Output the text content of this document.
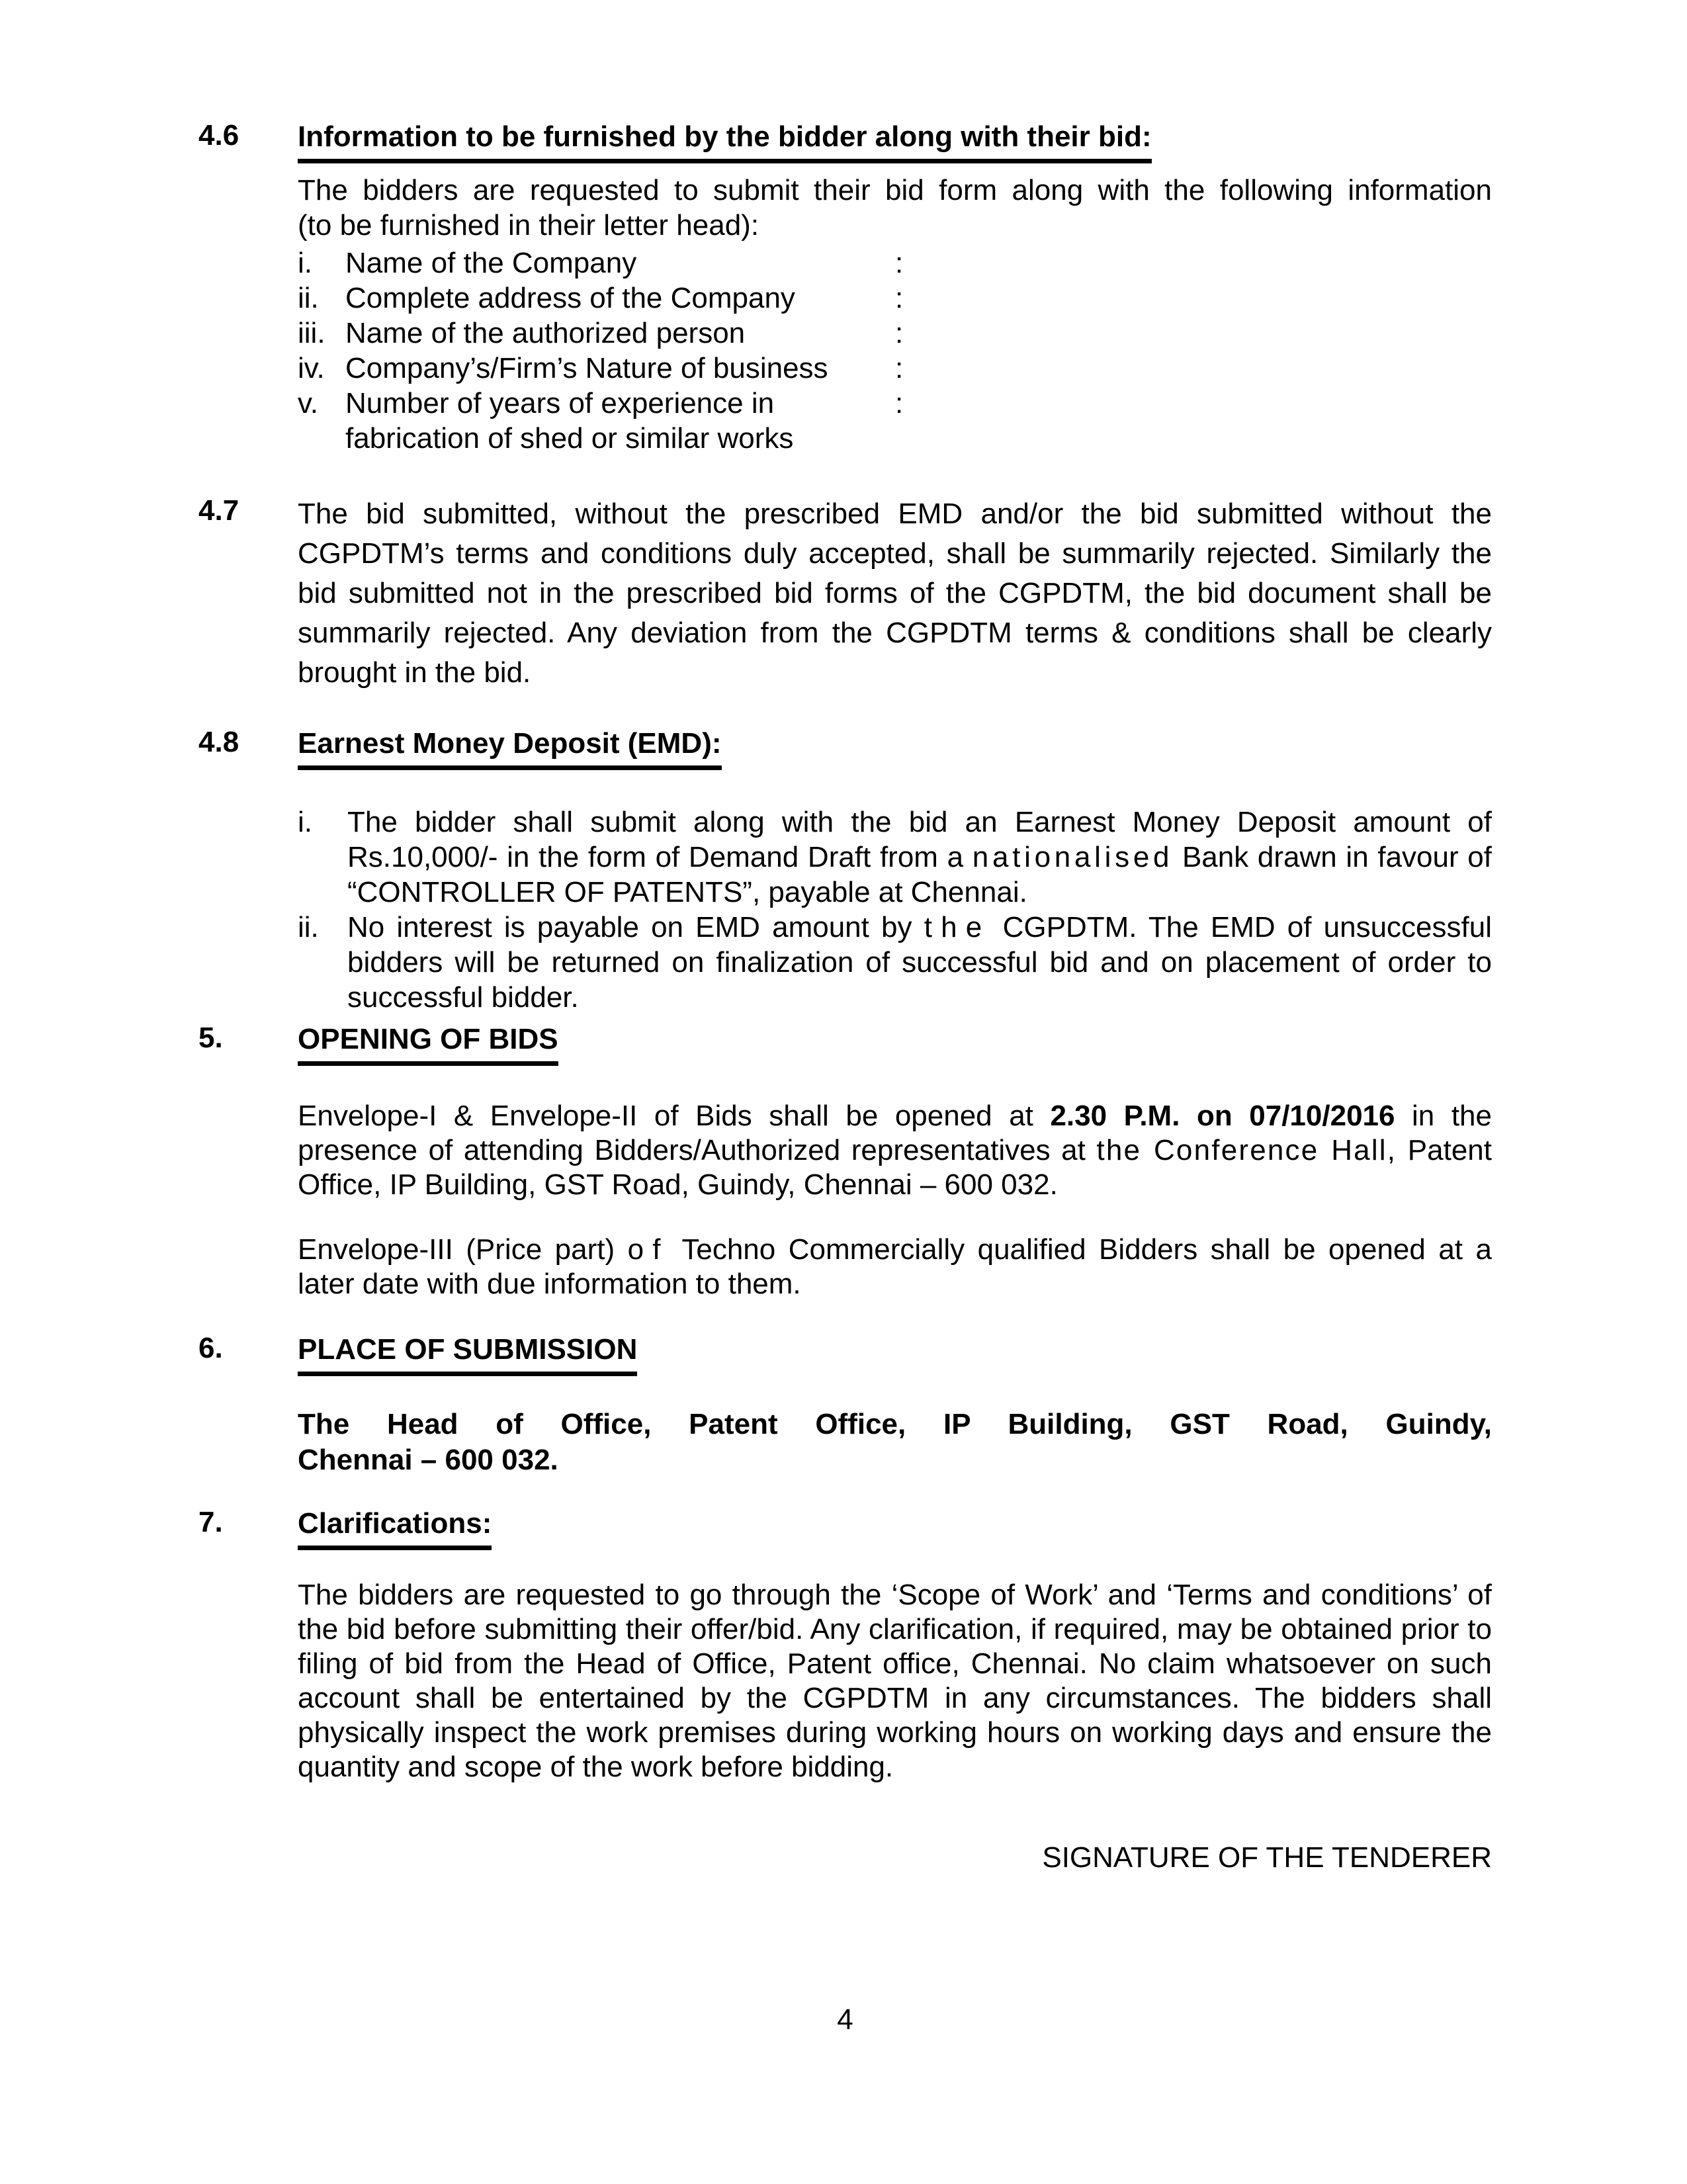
4.6	Information to be furnished by the bidder along with their bid:
The bidders are requested to submit their bid form along with the following information
(to be furnished in their letter head):
i.	Name of the Company	:
ii. Complete address of the Company	:
iii. Name of the authorized person	:
iv. Company’s/Firm’s Nature of business	:
v. Number of years of experience in	:
fabrication of shed or similar works
4.7	The bid submitted, without the prescribed EMD and/or the bid submitted without the CGPDTM’s terms and conditions duly accepted, shall be summarily rejected. Similarly the bid submitted not in the prescribed bid forms of the CGPDTM, the bid document shall be summarily rejected. Any deviation from the CGPDTM terms & conditions shall be clearly brought in the bid.

4.8	Earnest Money Deposit (EMD):
i.	The bidder shall submit along with the bid an Earnest Money Deposit amount of Rs.10,000/- in the form of Demand Draft from a nationalised Bank drawn in favour of “CONTROLLER OF PATENTS”, payable at Chennai.
ii. No interest is payable on EMD amount by the CGPDTM. The EMD of unsuccessful bidders will be returned on finalization of successful bid and on placement of order to successful bidder.
5.	OPENING OF BIDS

Envelope-I & Envelope-II of Bids shall be opened at 2.30 P.M. on 07/10/2016 in the presence of attending Bidders/Authorized representatives at the Conference Hall, Patent Office, IP Building, GST Road, Guindy, Chennai – 600 032.

Envelope-III (Price part) of Techno Commercially qualified Bidders shall be opened at a later date with due information to them.

6.	PLACE OF SUBMISSION
The Head of Office, Patent Office, IP Building, GST Road, Guindy,
Chennai – 600 032.
7.	Clarifications:

The bidders are requested to go through the ‘Scope of Work’ and ‘Terms and conditions’ of the bid before submitting their offer/bid. Any clarification, if required, may be obtained prior to filing of bid from the Head of Office, Patent office, Chennai. No claim whatsoever on such account shall be entertained by the CGPDTM in any circumstances. The bidders shall physically inspect the work premises during working hours on working days and ensure the quantity and scope of the work before bidding.

SIGNATURE OF THE TENDERER
4
